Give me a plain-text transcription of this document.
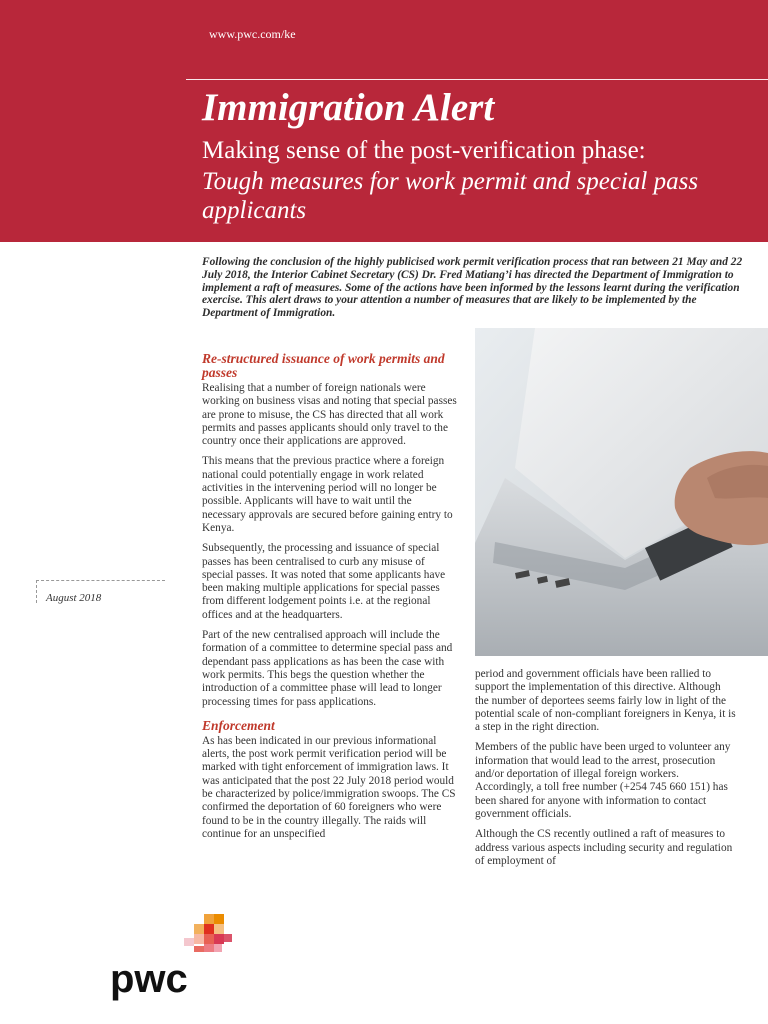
www.pwc.com/ke
Immigration Alert
Making sense of the post-verification phase:
Tough measures for work permit and special pass applicants
Following the conclusion of the highly publicised work permit verification process that ran between 21 May and 22 July 2018, the Interior Cabinet Secretary (CS) Dr. Fred Matiang’i has directed the Department of Immigration to implement a raft of measures. Some of the actions have been informed by the lessons learnt during the verification exercise. This alert draws to your attention a number of measures that are likely to be implemented by the Department of Immigration.
August 2018
Re-structured issuance of work permits and passes

Realising that a number of foreign nationals were working on business visas and noting that special passes are prone to misuse, the CS has directed that all work permits and passes applicants should only travel to the country once their applications are approved.

This means that the previous practice where a foreign national could potentially engage in work related activities in the intervening period will no longer be possible. Applicants will have to wait until the necessary approvals are secured before gaining entry to Kenya.

Subsequently, the processing and issuance of special passes has been centralised to curb any misuse of special passes. It was noted that some applicants have been making multiple applications for special passes from different lodgement points i.e. at the regional offices and at the headquarters.

Part of the new centralised approach will include the formation of a committee to determine special pass and dependant pass applications as has been the case with work permits. This begs the question whether the introduction of a committee phase will lead to longer processing times for pass applications.

Enforcement

As has been indicated in our previous informational alerts, the post work permit verification period will be marked with tight enforcement of immigration laws. It was anticipated that the post 22 July 2018 period would be characterized by police/immigration swoops. The CS confirmed the deportation of 60 foreigners who were found to be in the country illegally. The raids will continue for an unspecified

period and government officials have been rallied to support the implementation of this directive. Although the number of deportees seems fairly low in light of the potential scale of non-compliant foreigners in Kenya, it is a step in the right direction.

Members of the public have been urged to volunteer any information that would lead to the arrest, prosecution and/or deportation of illegal foreign workers. Accordingly, a toll free number (+254 745 660 151) has been shared for anyone with information to contact government officials.

Although the CS recently outlined a raft of measures to address various aspects including security and regulation of employment of

pwc
